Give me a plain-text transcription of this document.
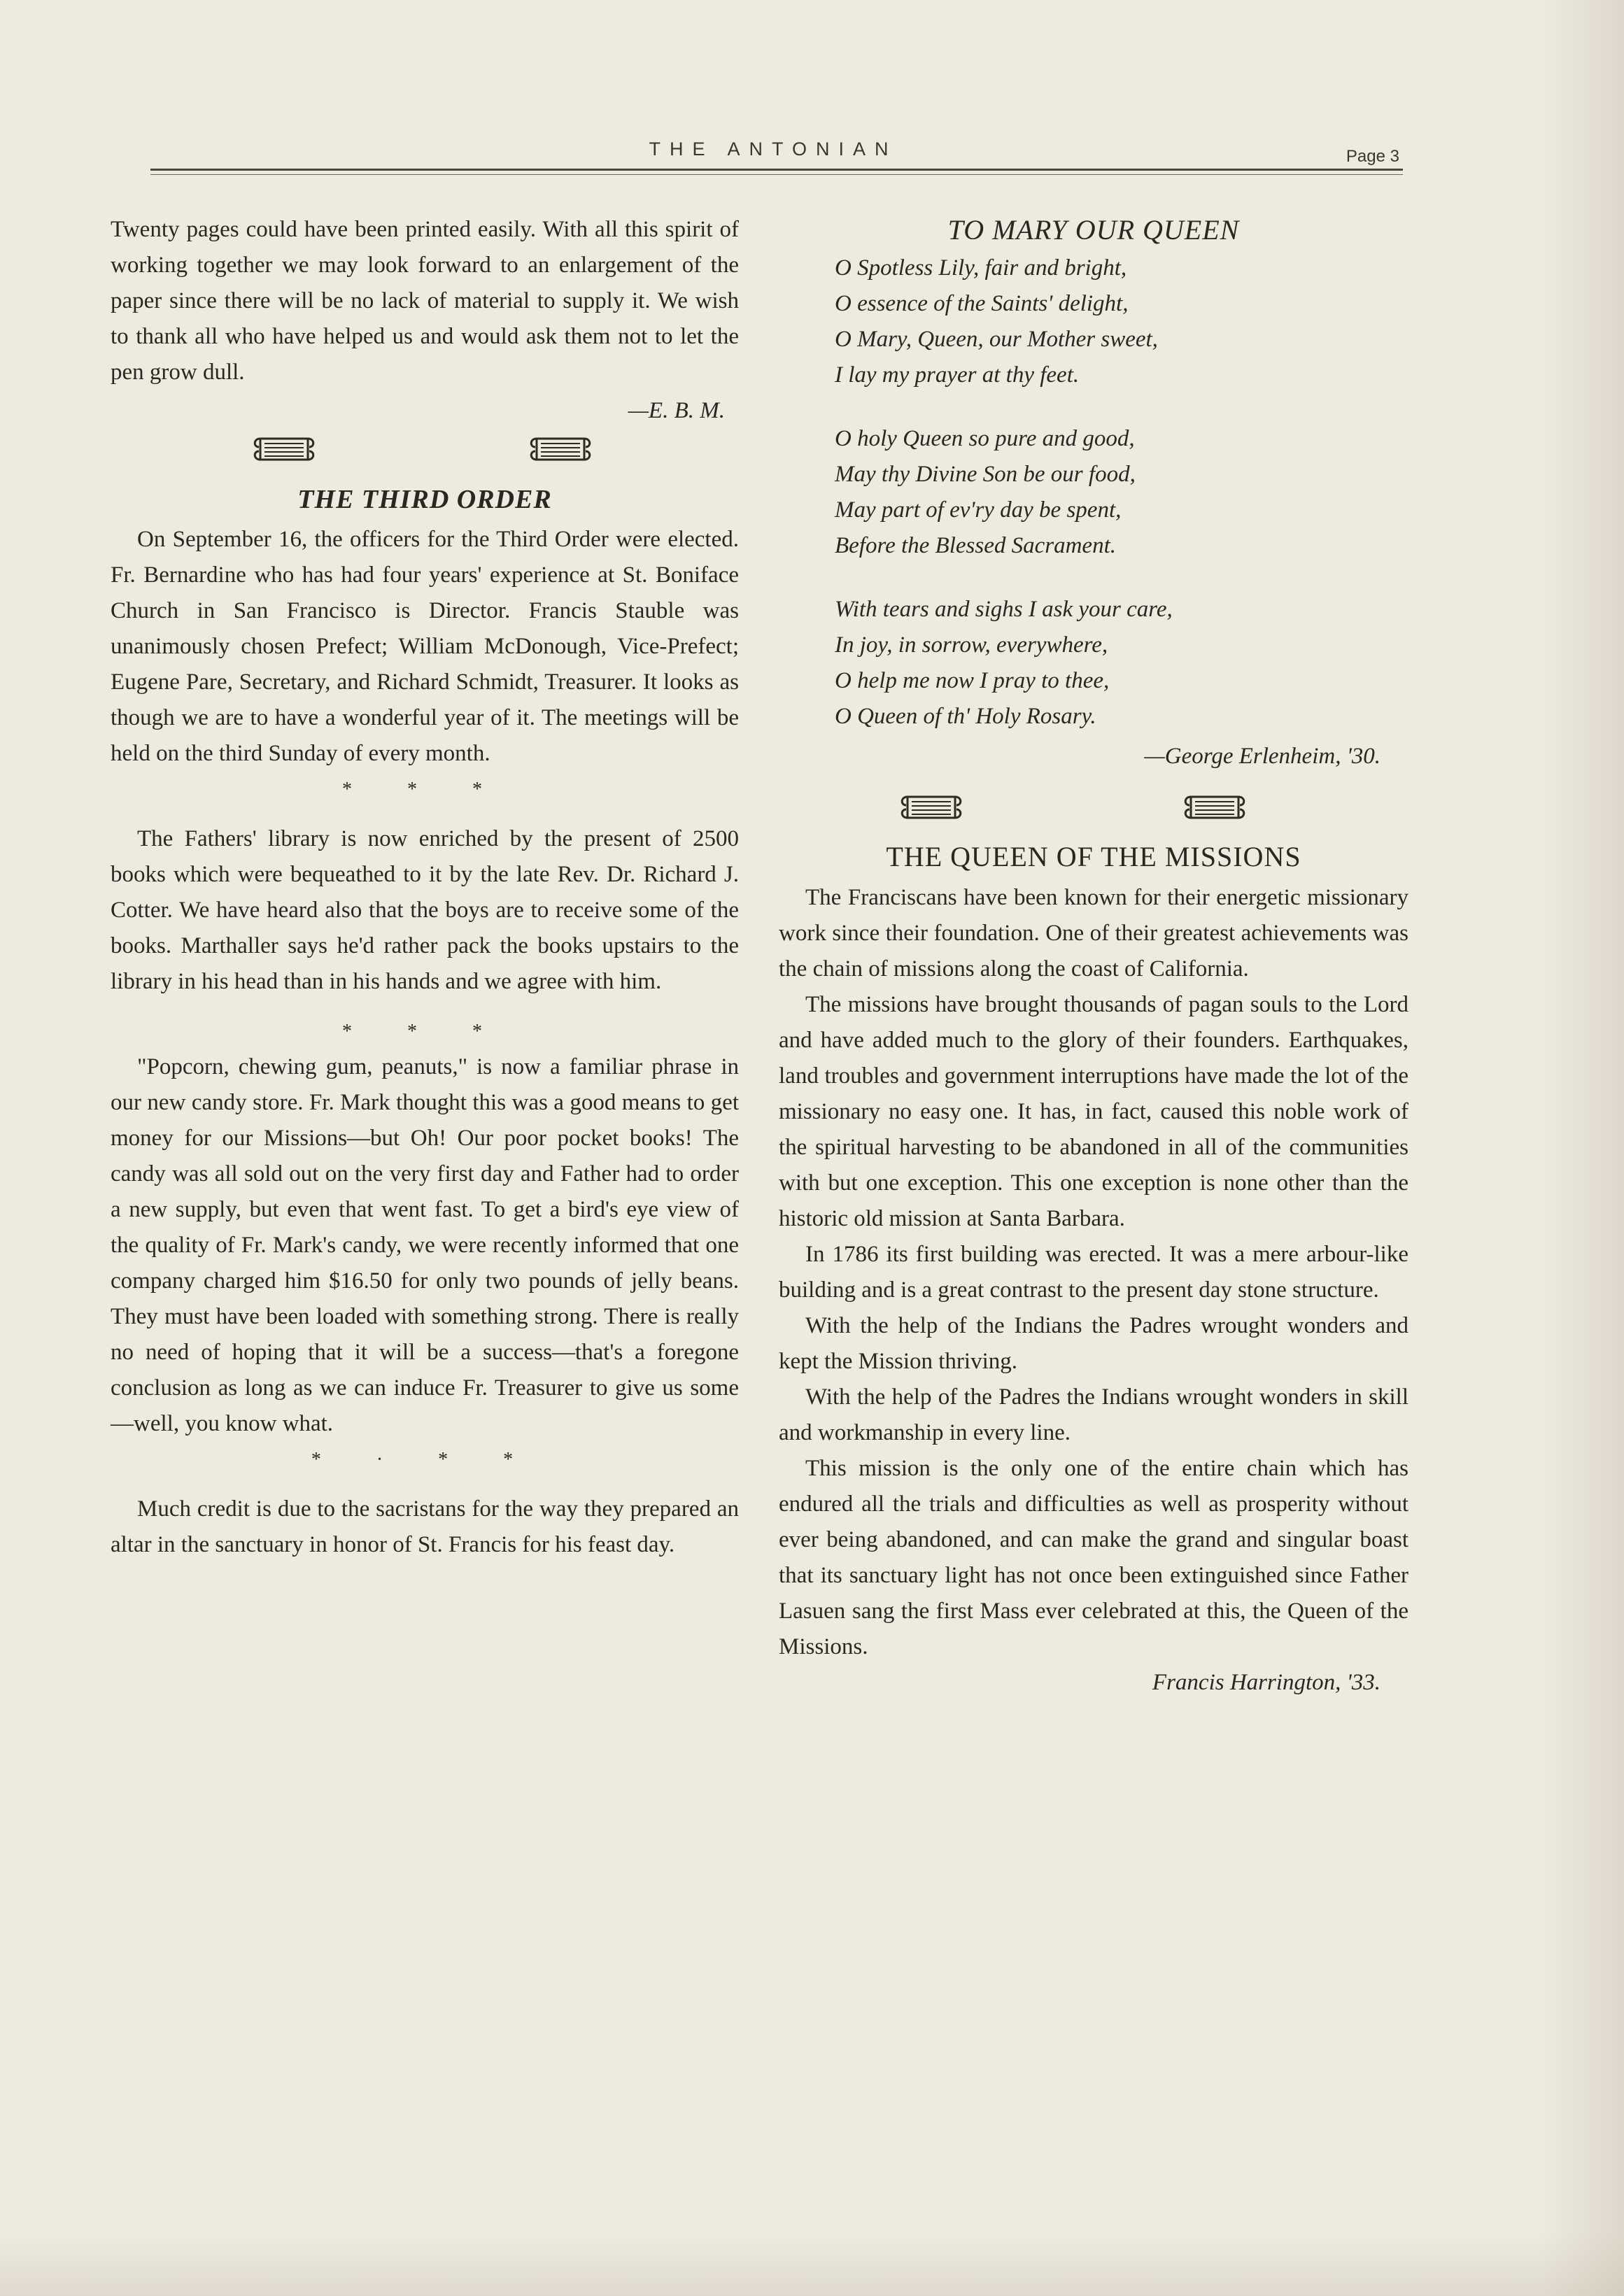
THE ANTONIAN	Page 3

Twenty pages could have been printed easily. With all this spirit of working together we may look forward to an enlargement of the paper since there will be no lack of material to supply it. We wish to thank all who have helped us and would ask them not to let the pen grow dull.

—E. B. M.

THE THIRD ORDER

On September 16, the officers for the Third Order were elected. Fr. Bernardine who has had four years' experience at St. Boniface Church in San Francisco is Director. Francis Stauble was unanimously chosen Prefect; William McDonough, Vice-Prefect; Eugene Pare, Secretary, and Richard Schmidt, Treasurer. It looks as though we are to have a wonderful year of it. The meetings will be held on the third Sunday of every month.

* * *

The Fathers' library is now enriched by the present of 2500 books which were bequeathed to it by the late Rev. Dr. Richard J. Cotter. We have heard also that the boys are to receive some of the books. Marthaller says he'd rather pack the books upstairs to the library in his head than in his hands and we agree with him.

* * *

"Popcorn, chewing gum, peanuts," is now a familiar phrase in our new candy store. Fr. Mark thought this was a good means to get money for our Missions—but Oh! Our poor pocket books! The candy was all sold out on the very first day and Father had to order a new supply, but even that went fast. To get a bird's eye view of the quality of Fr. Mark's candy, we were recently informed that one company charged him $16.50 for only two pounds of jelly beans. They must have been loaded with something strong. There is really no need of hoping that it will be a success—that's a foregone conclusion as long as we can induce Fr. Treasurer to give us some—well, you know what.

* · * *

Much credit is due to the sacristans for the way they prepared an altar in the sanctuary in honor of St. Francis for his feast day.

TO MARY OUR QUEEN

O Spotless Lily, fair and bright,
O essence of the Saints' delight,
O Mary, Queen, our Mother sweet,
I lay my prayer at thy feet.
O holy Queen so pure and good,
May thy Divine Son be our food,
May part of ev'ry day be spent,
Before the Blessed Sacrament.
With tears and sighs I ask your care,
In joy, in sorrow, everywhere,
O help me now I pray to thee,
O Queen of th' Holy Rosary.

—George Erlenheim, '30.

THE QUEEN OF THE MISSIONS

The Franciscans have been known for their energetic missionary work since their foundation. One of their greatest achievements was the chain of missions along the coast of California.

The missions have brought thousands of pagan souls to the Lord and have added much to the glory of their founders. Earthquakes, land troubles and government interruptions have made the lot of the missionary no easy one. It has, in fact, caused this noble work of the spiritual harvesting to be abandoned in all of the communities with but one exception. This one exception is none other than the historic old mission at Santa Barbara.

In 1786 its first building was erected. It was a mere arbour-like building and is a great contrast to the present day stone structure.

With the help of the Indians the Padres wrought wonders and kept the Mission thriving.

With the help of the Padres the Indians wrought wonders in skill and workmanship in every line.

This mission is the only one of the entire chain which has endured all the trials and difficulties as well as prosperity without ever being abandoned, and can make the grand and singular boast that its sanctuary light has not once been extinguished since Father Lasuen sang the first Mass ever celebrated at this, the Queen of the Missions.

Francis Harrington, '33.
